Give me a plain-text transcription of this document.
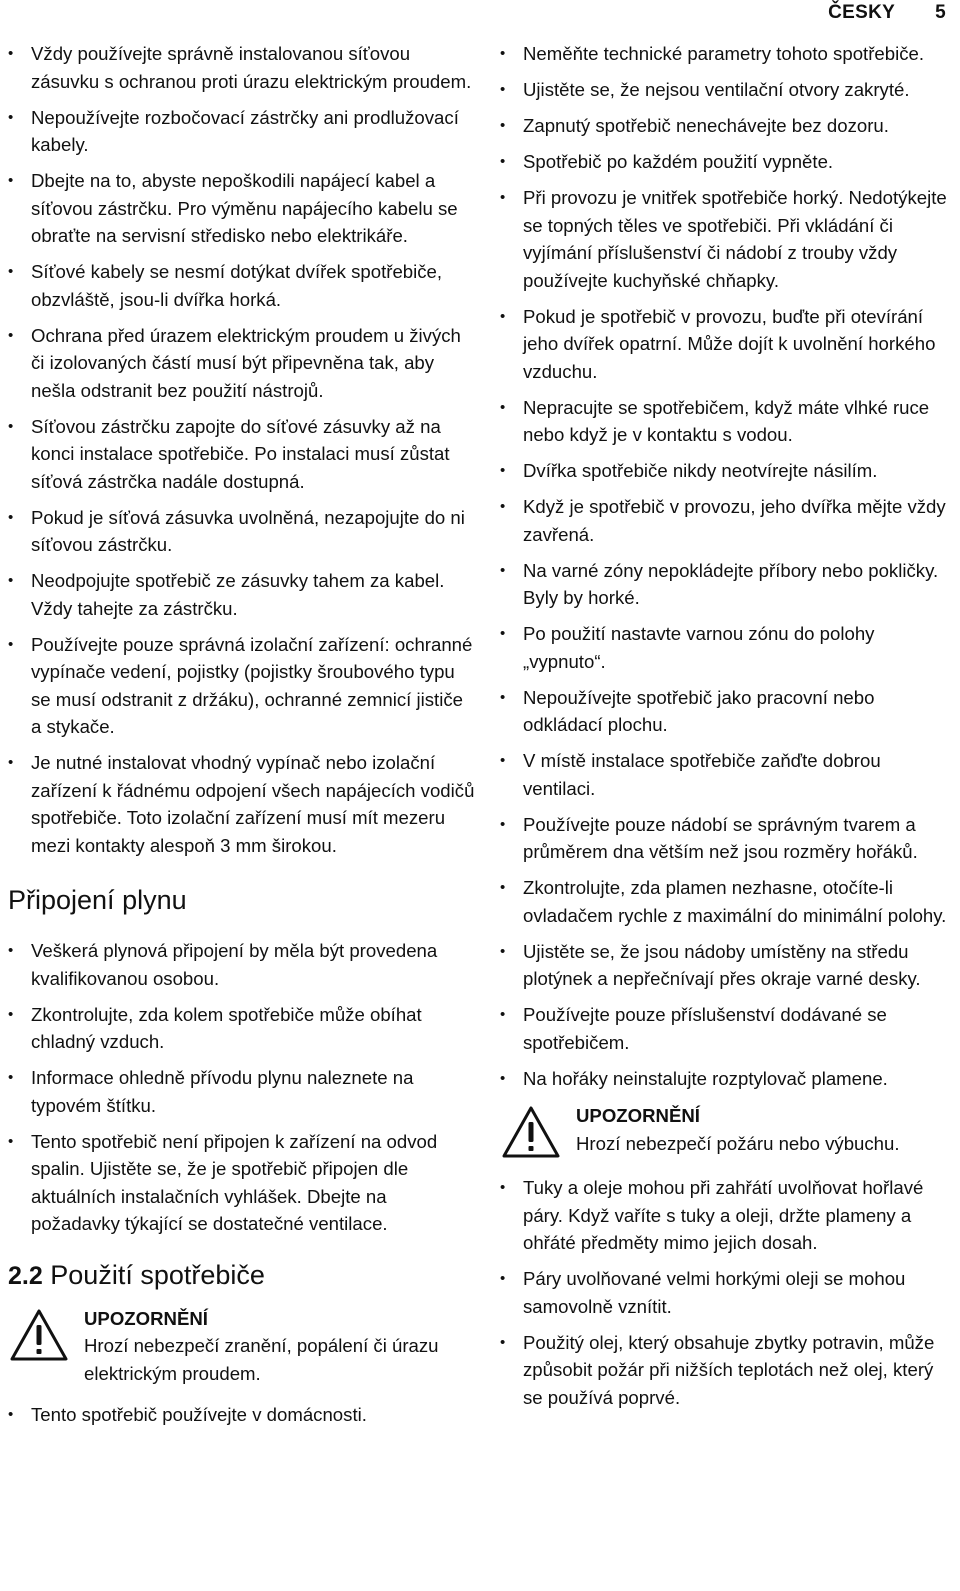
ČESKY 5
• Vždy používejte správně instalovanou síťovou zásuvku s ochranou proti úrazu elektrickým proudem.
• Nepoužívejte rozbočovací zástrčky ani prodlužovací kabely.
• Dbejte na to, abyste nepoškodili napájecí kabel a síťovou zástrčku. Pro výměnu napájecího kabelu se obraťte na servisní středisko nebo elektrikáře.
• Síťové kabely se nesmí dotýkat dvířek spotřebiče, obzvláště, jsou-li dvířka horká.
• Ochrana před úrazem elektrickým proudem u živých či izolovaných částí musí být připevněna tak, aby nešla odstranit bez použití nástrojů.
• Síťovou zástrčku zapojte do síťové zásuvky až na konci instalace spotřebiče. Po instalaci musí zůstat síťová zástrčka nadále dostupná.
• Pokud je síťová zásuvka uvolněná, nezapojujte do ni síťovou zástrčku.
• Neodpojujte spotřebič ze zásuvky tahem za kabel. Vždy tahejte za zástrčku.
• Používejte pouze správná izolační zařízení: ochranné vypínače vedení, pojistky (pojistky šroubového typu se musí odstranit z držáku), ochranné zemnicí jističe a stykače.
• Je nutné instalovat vhodný vypínač nebo izolační zařízení k řádnému odpojení všech napájecích vodičů spotřebiče. Toto izolační zařízení musí mít mezeru mezi kontakty alespoň 3 mm širokou.
Připojení plynu
• Veškerá plynová připojení by měla být provedena kvalifikovanou osobou.
• Zkontrolujte, zda kolem spotřebiče může obíhat chladný vzduch.
• Informace ohledně přívodu plynu naleznete na typovém štítku.
• Tento spotřebič není připojen k zařízení na odvod spalin. Ujistěte se, že je spotřebič připojen dle aktuálních instalačních vyhlášek. Dbejte na požadavky týkající se dostatečné ventilace.
2.2 Použití spotřebiče
UPOZORNĚNÍ
Hrozí nebezpečí zranění, popálení či úrazu elektrickým proudem.
• Tento spotřebič používejte v domácnosti.
• Neměňte technické parametry tohoto spotřebiče.
• Ujistěte se, že nejsou ventilační otvory zakryté.
• Zapnutý spotřebič nenechávejte bez dozoru.
• Spotřebič po každém použití vypněte.
• Při provozu je vnitřek spotřebiče horký. Nedotýkejte se topných těles ve spotřebiči. Při vkládání či vyjímání příslušenství či nádobí z trouby vždy používejte kuchyňské chňapky.
• Pokud je spotřebič v provozu, buďte při otevírání jeho dvířek opatrní. Může dojít k uvolnění horkého vzduchu.
• Nepracujte se spotřebičem, když máte vlhké ruce nebo když je v kontaktu s vodou.
• Dvířka spotřebiče nikdy neotvírejte násilím.
• Když je spotřebič v provozu, jeho dvířka mějte vždy zavřená.
• Na varné zóny nepokládejte příbory nebo pokličky. Byly by horké.
• Po použití nastavte varnou zónu do polohy „vypnuto“.
• Nepoužívejte spotřebič jako pracovní nebo odkládací plochu.
• V místě instalace spotřebiče zaňďte dobrou ventilaci.
• Používejte pouze nádobí se správným tvarem a průměrem dna větším než jsou rozměry hořáků.
• Zkontrolujte, zda plamen nezhasne, otočíte-li ovladačem rychle z maximální do minimální polohy.
• Ujistěte se, že jsou nádoby umístěny na středu plotýnek a nepřečnívají přes okraje varné desky.
• Používejte pouze příslušenství dodávané se spotřebičem.
• Na hořáky neinstalujte rozptylovač plamene.
UPOZORNĚNÍ
Hrozí nebezpečí požáru nebo výbuchu.
• Tuky a oleje mohou při zahřátí uvolňovat hořlavé páry. Když vaříte s tuky a oleji, držte plameny a ohřáté předměty mimo jejich dosah.
• Páry uvolňované velmi horkými oleji se mohou samovolně vznítit.
• Použitý olej, který obsahuje zbytky potravin, může způsobit požár při nižších teplotách než olej, který se používá poprvé.
